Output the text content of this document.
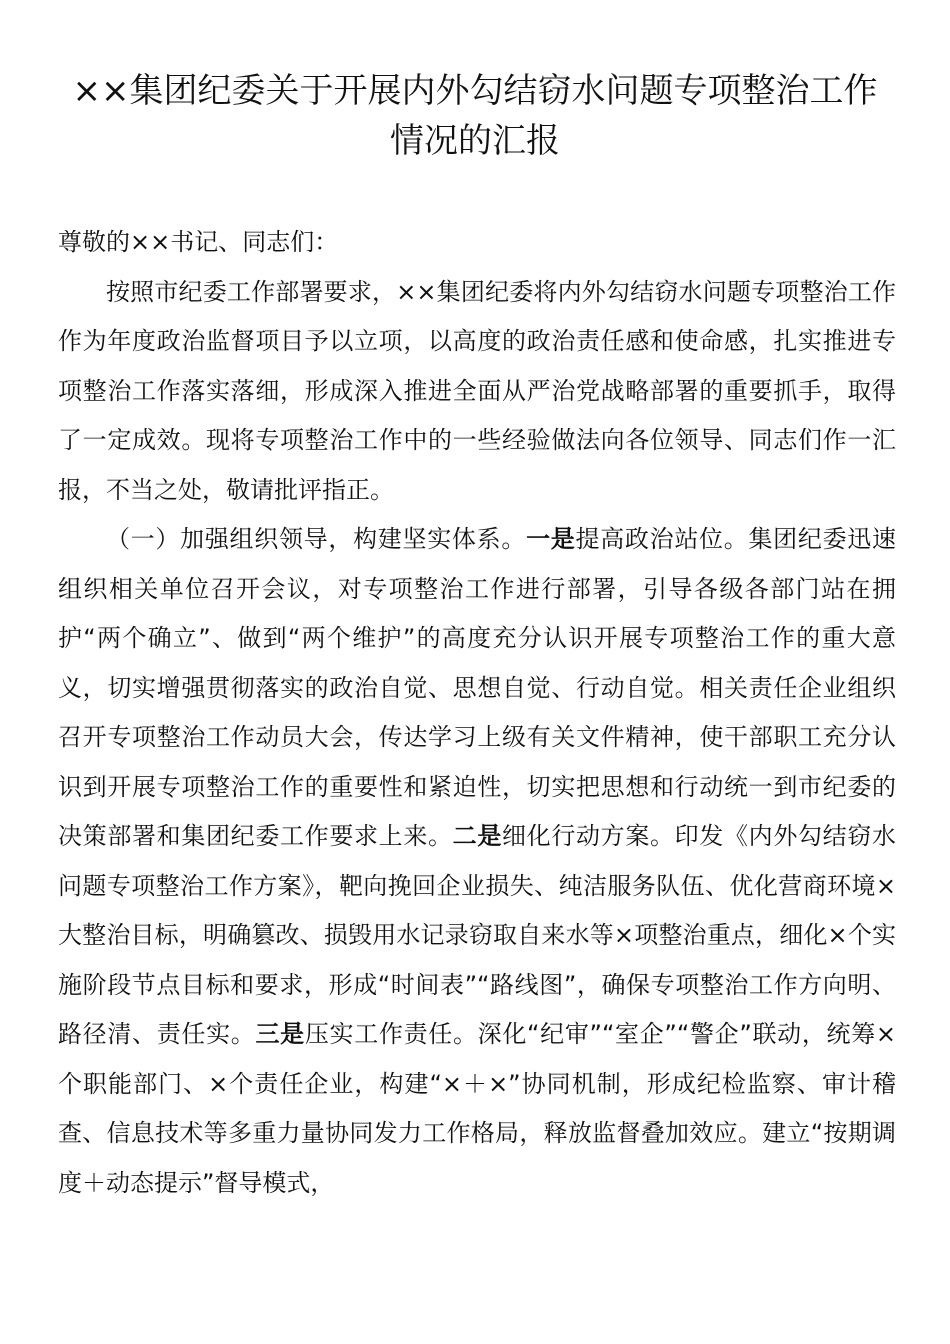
××集团纪委关于开展内外勾结窃水问题专项整治工作
情况的汇报

尊敬的××书记、同志们：

按照市纪委工作部署要求，××集团纪委将内外勾结窃水问题专项整治工作作为年度政治监督项目予以立项，以高度的政治责任感和使命感，扎实推进专项整治工作落实落细，形成深入推进全面从严治党战略部署的重要抓手，取得了一定成效。现将专项整治工作中的一些经验做法向各位领导、同志们作一汇报，不当之处，敬请批评指正。

（一）加强组织领导，构建坚实体系。一是提高政治站位。集团纪委迅速组织相关单位召开会议，对专项整治工作进行部署，引导各级各部门站在拥护“两个确立”、做到“两个维护”的高度充分认识开展专项整治工作的重大意义，切实增强贯彻落实的政治自觉、思想自觉、行动自觉。相关责任企业组织召开专项整治工作动员大会，传达学习上级有关文件精神，使干部职工充分认识到开展专项整治工作的重要性和紧迫性，切实把思想和行动统一到市纪委的决策部署和集团纪委工作要求上来。二是细化行动方案。印发《内外勾结窃水问题专项整治工作方案》，靶向挽回企业损失、纯洁服务队伍、优化营商环境×大整治目标，明确篡改、损毁用水记录窃取自来水等×项整治重点，细化×个实施阶段节点目标和要求，形成“时间表”“路线图”，确保专项整治工作方向明、路径清、责任实。三是压实工作责任。深化“纪审”“室企”“警企”联动，统筹×个职能部门、×个责任企业，构建“×＋×”协同机制，形成纪检监察、审计稽查、信息技术等多重力量协同发力工作格局，释放监督叠加效应。建立“按期调度＋动态提示”督导模式，
